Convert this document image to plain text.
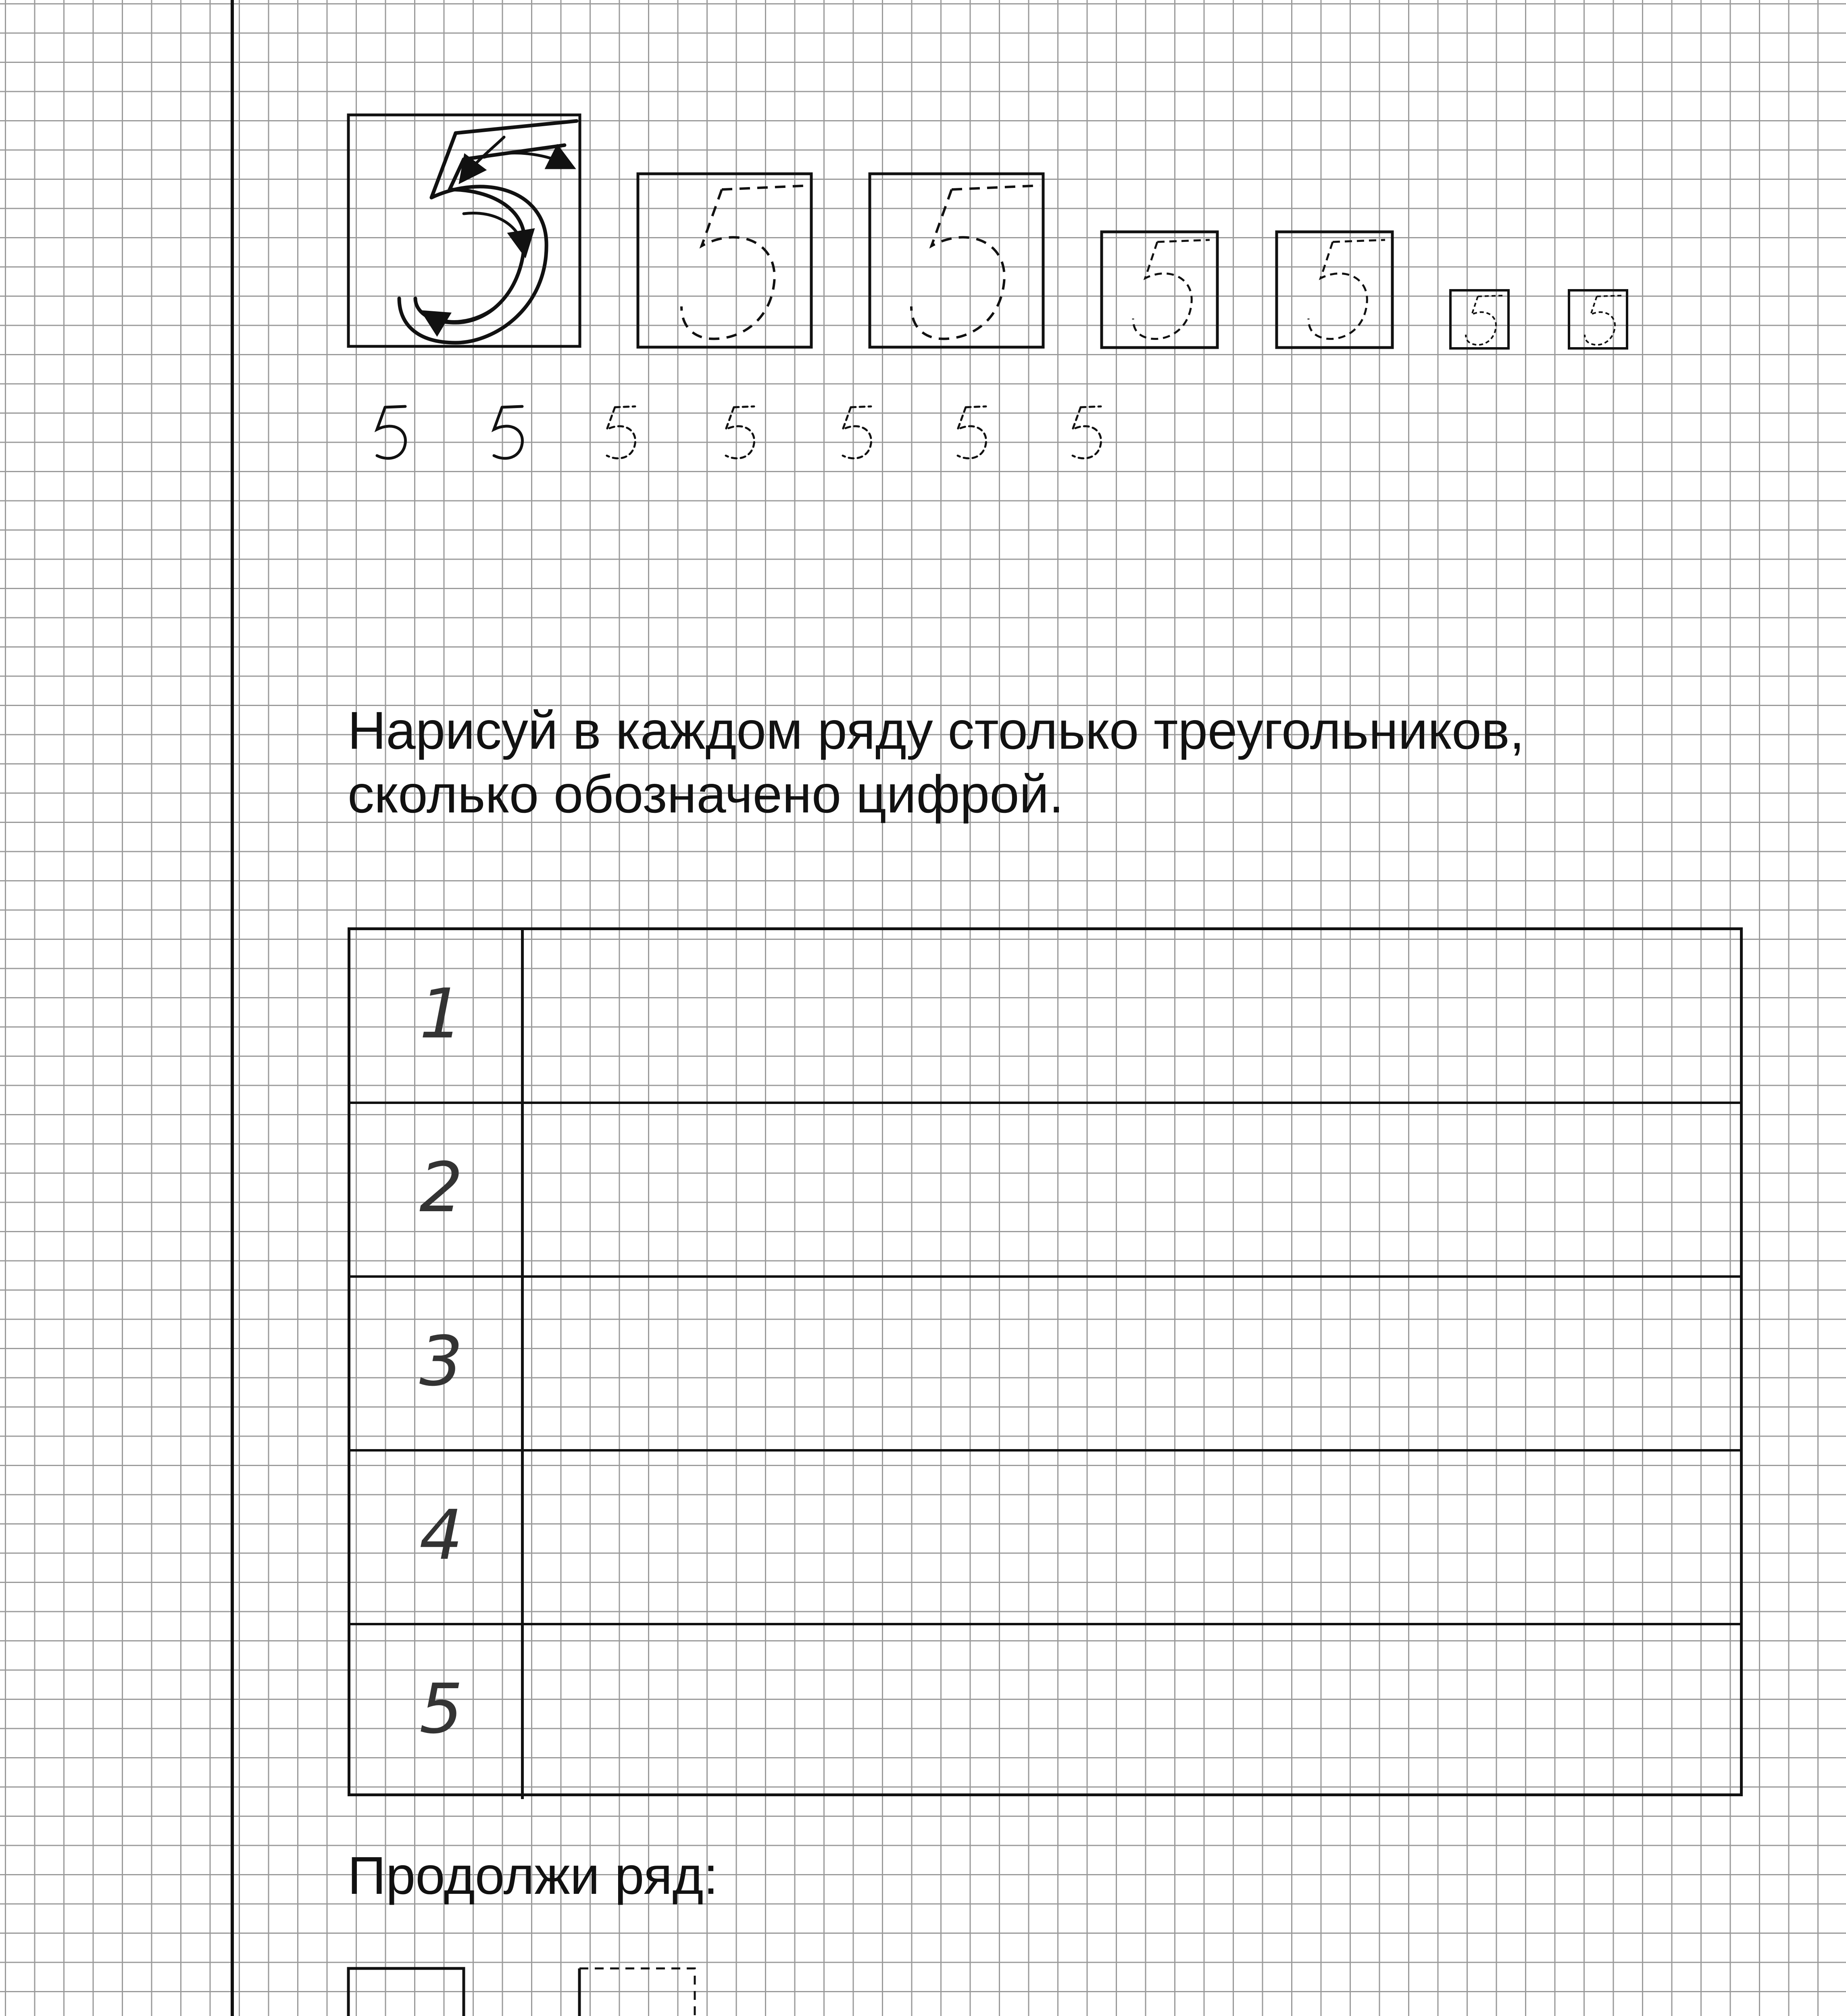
Нарисуй в каждом ряду столько треугольников,

сколько обозначено цифрой.

1
2
3
4
5

Продолжи ряд:
